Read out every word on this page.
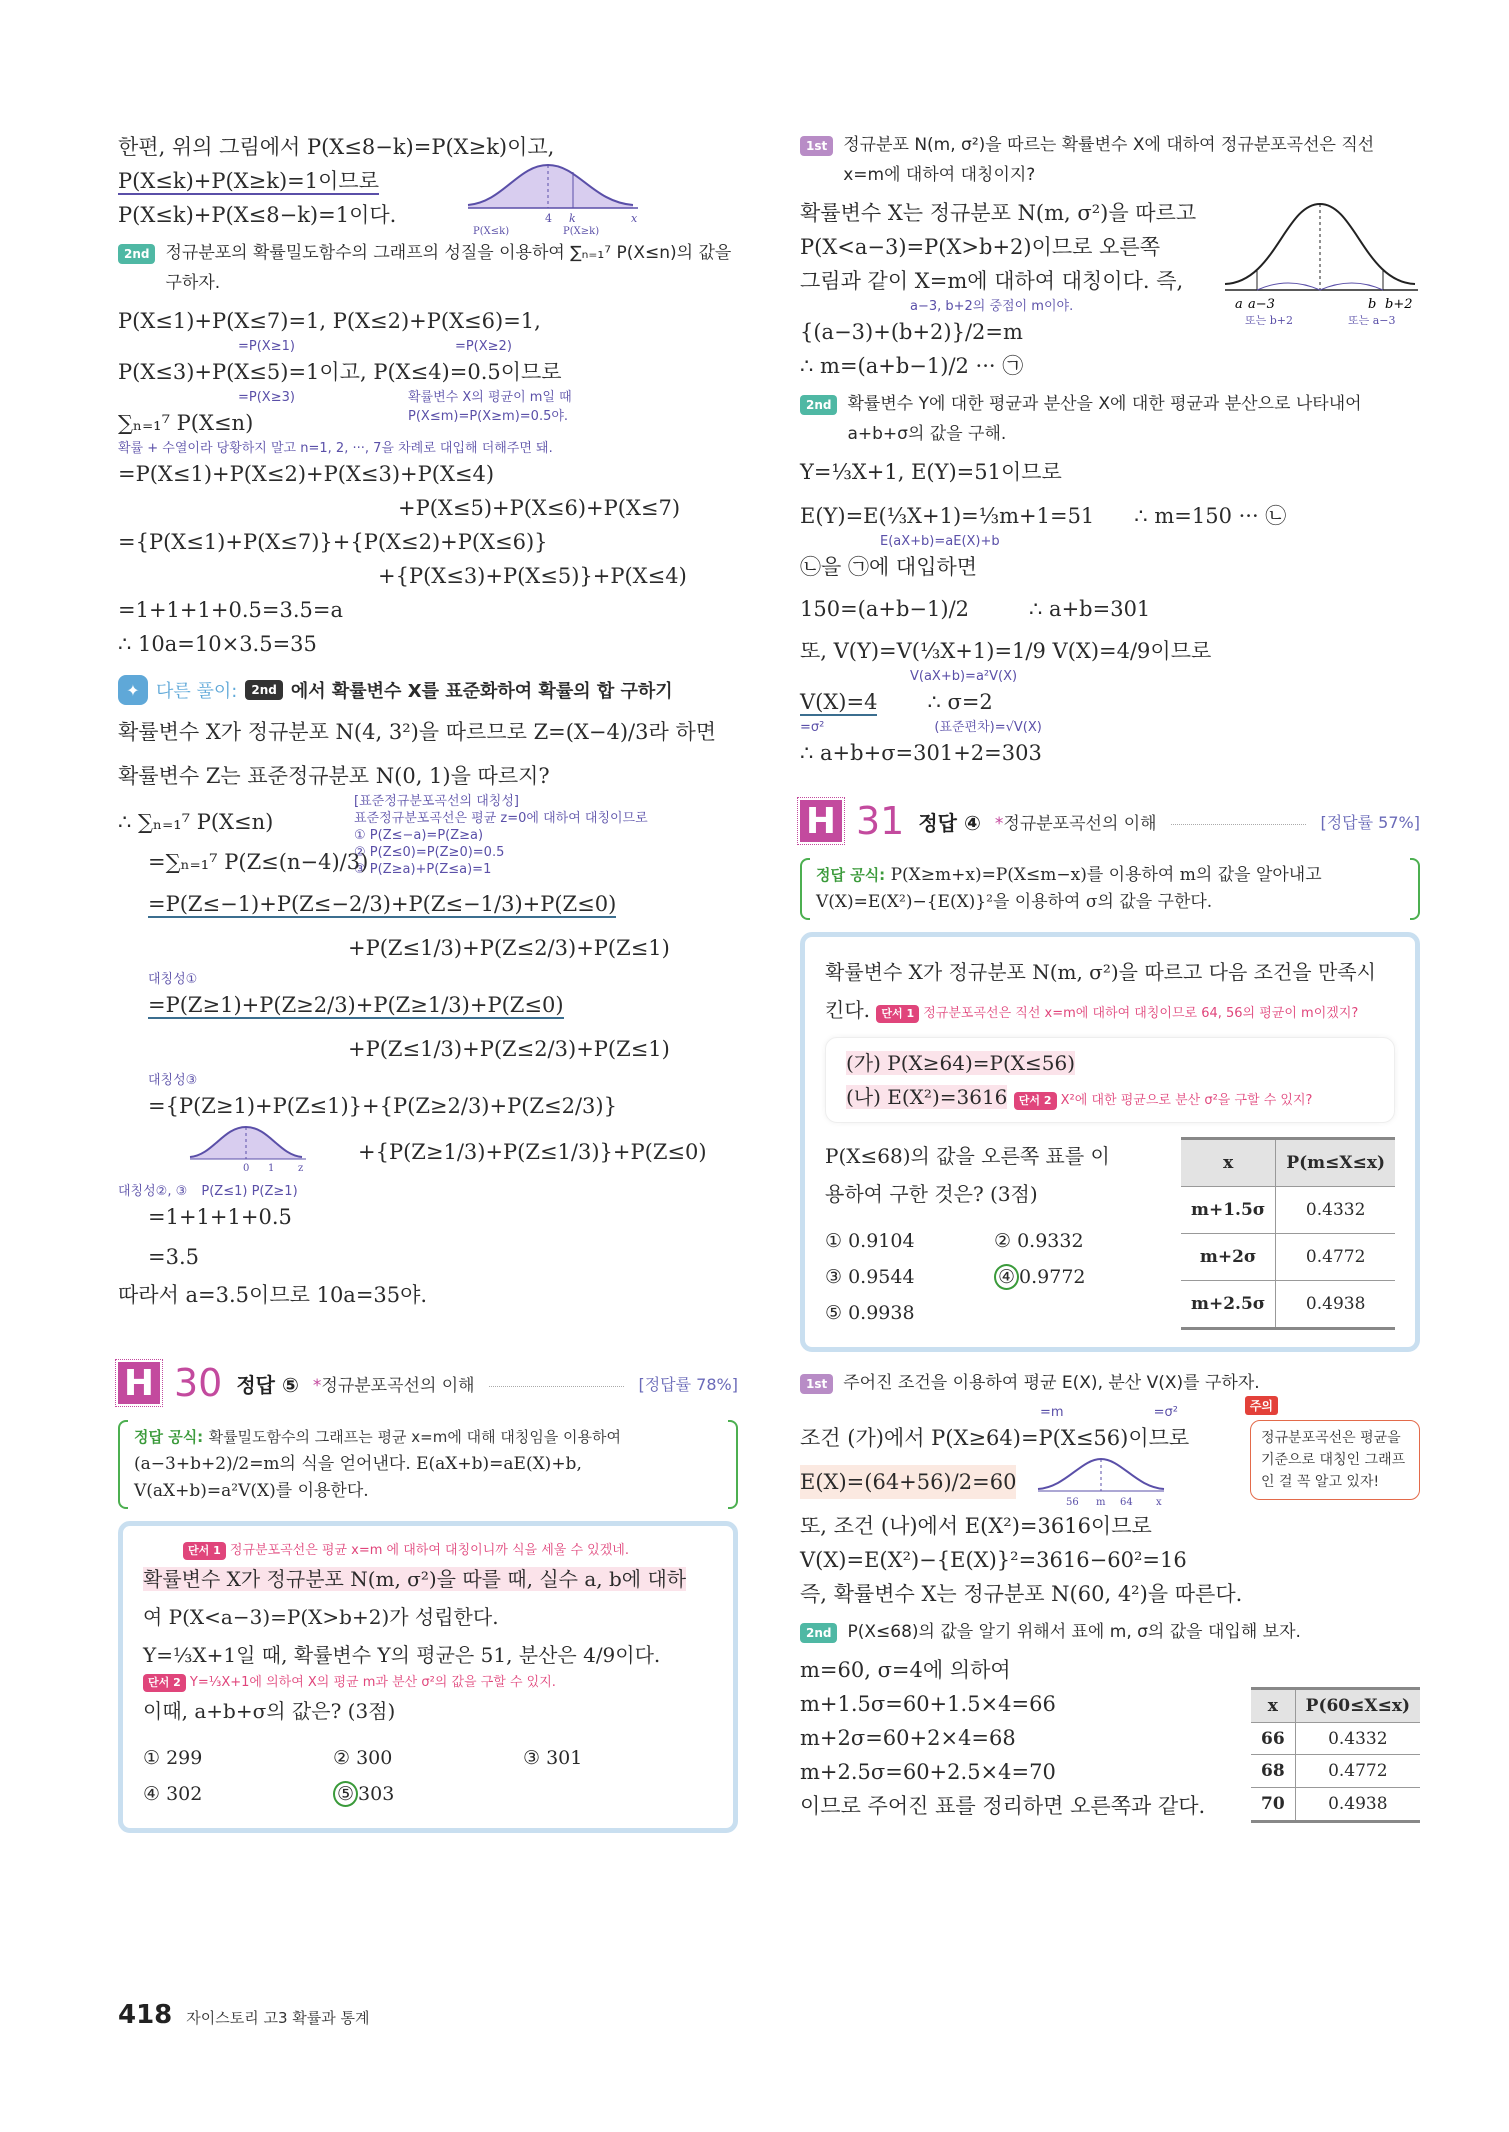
한편, 위의 그림에서 P(X≤8−k)=P(X≥k)이고,
P(X≤k)+P(X≥k)=1이므로
P(X≤k)+P(X≤8−k)=1이다.	4 k	x
P(X≤k)	P(X≥k)
2nd 정규분포의 확률밀도함수의 그래프의 성질을 이용하여 ∑ₙ₌₁⁷ P(X≤n)의 값을 구하자.
P(X≤1)+P(X≤7)=1, P(X≤2)+P(X≤6)=1,
=P(X≥1)	=P(X≥2)
P(X≤3)+P(X≤5)=1이고, P(X≤4)=0.5이므로
=P(X≥3)	확률변수 X의 평균이 m일 때
∑ₙ₌₁⁷ P(X≤n)	P(X≤m)=P(X≥m)=0.5야.
확률 + 수열이라 당황하지 말고 n=1, 2, ···, 7을 차례로 대입해 더해주면 돼.
=P(X≤1)+P(X≤2)+P(X≤3)+P(X≤4)
+P(X≤5)+P(X≤6)+P(X≤7)
={P(X≤1)+P(X≤7)}+{P(X≤2)+P(X≤6)}
+{P(X≤3)+P(X≤5)}+P(X≤4)
=1+1+1+0.5=3.5=a
∴ 10a=10×3.5=35
✦ 다른 풀이:	2nd 에서 확률변수 X를 표준화하여 확률의 합 구하기
확률변수 X가 정규분포 N(4, 3²)을 따르므로 Z=(X−4)/3라 하면
확률변수 Z는 표준정규분포 N(0, 1)을 따르지?
[표준정규분포곡선의 대칭성]
표준정규분포곡선은 평균 z=0에 대하여 대칭이므로
① P(Z≤−a)=P(Z≥a)
② P(Z≤0)=P(Z≥0)=0.5
③ P(Z≥a)+P(Z≤a)=1
∴ ∑ₙ₌₁⁷ P(X≤n)
=∑ₙ₌₁⁷ P(Z≤(n−4)/3)
=P(Z≤−1)+P(Z≤−2/3)+P(Z≤−1/3)+P(Z≤0)
+P(Z≤1/3)+P(Z≤2/3)+P(Z≤1)
대칭성①
=P(Z≥1)+P(Z≥2/3)+P(Z≥1/3)+P(Z≤0)
+P(Z≤1/3)+P(Z≤2/3)+P(Z≤1)
대칭성③
={P(Z≥1)+P(Z≤1)}+{P(Z≥2/3)+P(Z≤2/3)}
0 1 z
+{P(Z≥1/3)+P(Z≤1/3)}+P(Z≤0)
대칭성②, ③ P(Z≤1) P(Z≥1)
=1+1+1+0.5
=3.5
따라서 a=3.5이므로 10a=35야.
H 30 정답 ⑤ *정규분포곡선의 이해	[정답률 78%]
정답 공식: 확률밀도함수의 그래프는 평균 x=m에 대해 대칭임을 이용하여
(a−3+b+2)/2=m의 식을 얻어낸다. E(aX+b)=aE(X)+b,
V(aX+b)=a²V(X)를 이용한다.
단서 1 정규분포곡선은 평균 x=m 에 대하여 대칭이니까 식을 세울 수 있겠네.
확률변수 X가 정규분포 N(m, σ²)을 따를 때, 실수 a, b에 대하
여 P(X<a−3)=P(X>b+2)가 성립한다.
Y=⅓X+1일 때, 확률변수 Y의 평균은 51, 분산은 4/9이다.
단서 2 Y=⅓X+1에 의하여 X의 평균 m과 분산 σ²의 값을 구할 수 있지.
이때, a+b+σ의 값은? (3점)
① 299	② 300	③ 301
④ 302	⑤ 303
1st 정규분포 N(m, σ²)을 따르는 확률변수 X에 대하여 정규분포곡선은 직선 x=m에 대하여 대칭이지?
a a−3	b b+2
또는 b+2	또는 a−3
확률변수 X는 정규분포 N(m, σ²)을 따르고
P(X<a−3)=P(X>b+2)이므로 오른쪽
그림과 같이 X=m에 대하여 대칭이다. 즉,
a−3, b+2의 중점이 m이야.
{(a−3)+(b+2)}/2=m
∴ m=(a+b−1)/2 ··· ㉠
2nd 확률변수 Y에 대한 평균과 분산을 X에 대한 평균과 분산으로 나타내어 a+b+σ의 값을 구해.
Y=⅓X+1, E(Y)=51이므로
E(Y)=E(⅓X+1)=⅓m+1=51 ∴ m=150 ··· ㉡
E(aX+b)=aE(X)+b
㉡을 ㉠에 대입하면
150=(a+b−1)/2	∴ a+b=301
또, V(Y)=V(⅓X+1)=1/9 V(X)=4/9이므로
V(aX+b)=a²V(X)
V(X)=4 ∴ σ=2
=σ²	(표준편차)=√V(X)
∴ a+b+σ=301+2=303
H 31 정답 ④ *정규분포곡선의 이해	[정답률 57%]
정답 공식: P(X≥m+x)=P(X≤m−x)를 이용하여 m의 값을 알아내고
V(X)=E(X²)−{E(X)}²을 이용하여 σ의 값을 구한다.
확률변수 X가 정규분포 N(m, σ²)을 따르고 다음 조건을 만족시
킨다. 단서 1 정규분포곡선은 직선 x=m에 대하여 대칭이므로 64, 56의 평균이 m이겠지?
(가) P(X≥64)=P(X≤56)
(나) E(X²)=3616 단서 2 X²에 대한 평균으로 분산 σ²을 구할 수 있지?
P(X≤68)의 값을 오른쪽 표를 이
용하여 구한 것은? (3점)
① 0.9104	② 0.9332
③ 0.9544	④ 0.9772
⑤ 0.9938
x	P(m≤X≤x)
m+1.5σ	0.4332
m+2σ	0.4772
m+2.5σ	0.4938
1st 주어진 조건을 이용하여 평균 E(X), 분산 V(X)를 구하자.
=m	=σ²	주의
정규분포곡선은 평균을 기준으로 대칭인 그래프인 걸 꼭 알고 있자!
조건 (가)에서 P(X≥64)=P(X≤56)이므로
E(X)=(64+56)/2=60
56 m 64 x
또, 조건 (나)에서 E(X²)=3616이므로
V(X)=E(X²)−{E(X)}²=3616−60²=16
즉, 확률변수 X는 정규분포 N(60, 4²)을 따른다.
2nd P(X≤68)의 값을 알기 위해서 표에 m, σ의 값을 대입해 보자.
m=60, σ=4에 의하여
m+1.5σ=60+1.5×4=66
m+2σ=60+2×4=68
m+2.5σ=60+2.5×4=70
이므로 주어진 표를 정리하면 오른쪽과 같다.
x	P(60≤X≤x)
66	0.4332
68	0.4772
70	0.4938
418 자이스토리 고3 확률과 통계
